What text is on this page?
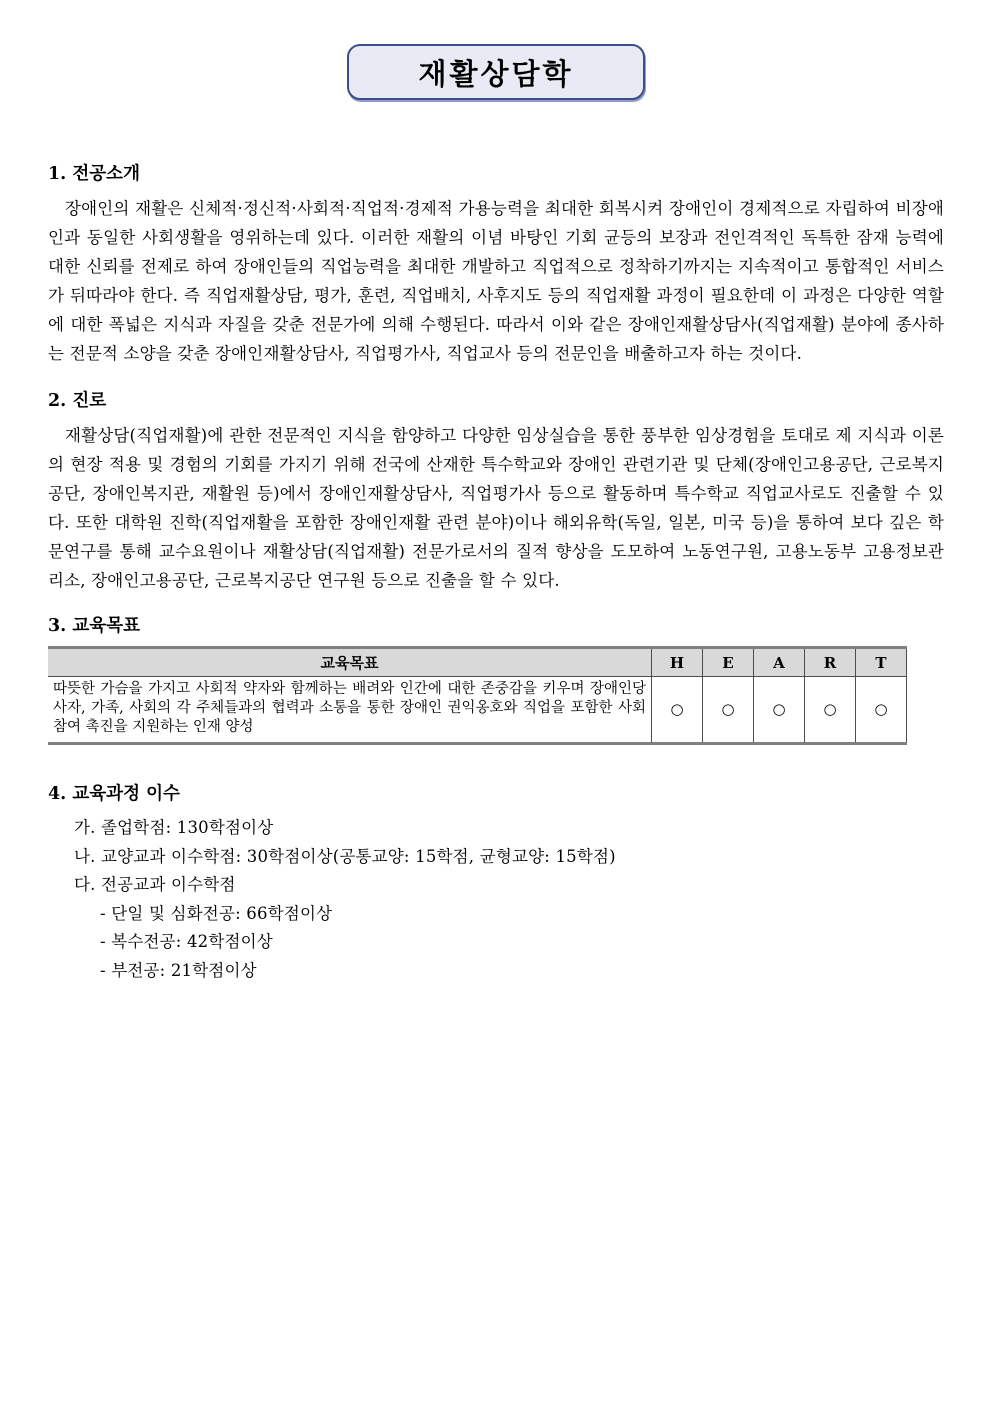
재활상담학
1. 전공소개

장애인의 재활은 신체적·정신적·사회적·직업적·경제적 가용능력을 최대한 회복시켜 장애인이 경제적으로 자립하여 비장애인과 동일한 사회생활을 영위하는데 있다. 이러한 재활의 이념 바탕인 기회 균등의 보장과 전인격적인 독특한 잠재 능력에 대한 신뢰를 전제로 하여 장애인들의 직업능력을 최대한 개발하고 직업적으로 정착하기까지는 지속적이고 통합적인 서비스가 뒤따라야 한다. 즉 직업재활상담, 평가, 훈련, 직업배치, 사후지도 등의 직업재활 과정이 필요한데 이 과정은 다양한 역할에 대한 폭넓은 지식과 자질을 갖춘 전문가에 의해 수행된다. 따라서 이와 같은 장애인재활상담사(직업재활) 분야에 종사하는 전문적 소양을 갖춘 장애인재활상담사, 직업평가사, 직업교사 등의 전문인을 배출하고자 하는 것이다.

2. 진로

재활상담(직업재활)에 관한 전문적인 지식을 함양하고 다양한 임상실습을 통한 풍부한 임상경험을 토대로 제 지식과 이론의 현장 적용 및 경험의 기회를 가지기 위해 전국에 산재한 특수학교와 장애인 관련기관 및 단체(장애인고용공단, 근로복지공단, 장애인복지관, 재활원 등)에서 장애인재활상담사, 직업평가사 등으로 활동하며 특수학교 직업교사로도 진출할 수 있다. 또한 대학원 진학(직업재활을 포함한 장애인재활 관련 분야)이나 해외유학(독일, 일본, 미국 등)을 통하여 보다 깊은 학문연구를 통해 교수요원이나 재활상담(직업재활) 전문가로서의 질적 향상을 도모하여 노동연구원, 고용노동부 고용정보관리소, 장애인고용공단, 근로복지공단 연구원 등으로 진출을 할 수 있다.

3. 교육목표
교육목표	H	E	A	R	T
따뜻한 가슴을 가지고 사회적 약자와 함께하는 배려와 인간에 대한 존중감을 키우며 장애인당사자, 가족, 사회의 각 주체들과의 협력과 소통을 통한 장애인 권익옹호와 직업을 포함한 사회참여 촉진을 지원하는 인재 양성	○	○	○	○	○
4. 교육과정 이수
가. 졸업학점: 130학점이상
나. 교양교과 이수학점: 30학점이상(공통교양: 15학점, 균형교양: 15학점)
다. 전공교과 이수학점
- 단일 및 심화전공: 66학점이상
- 복수전공: 42학점이상
- 부전공: 21학점이상
